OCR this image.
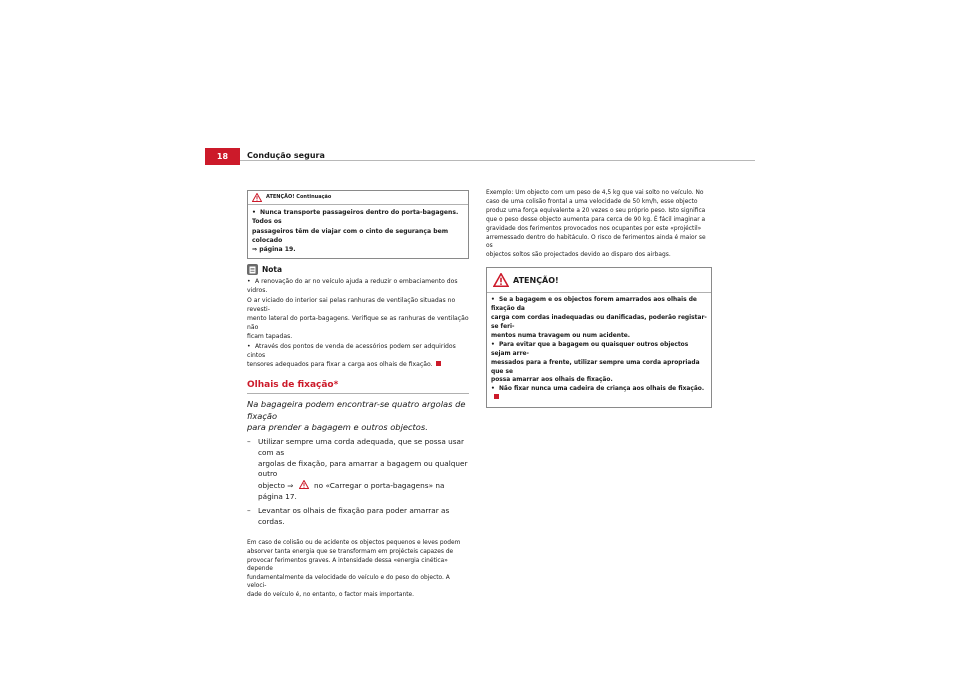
18	Condução segura
ATENÇÃO! Continuação
• Nunca transporte passageiros dentro do porta-bagagens. Todos os
passageiros têm de viajar com o cinto de segurança bem colocado
⇒ página 19.
Nota
• A renovação do ar no veículo ajuda a reduzir o embaciamento dos vidros.
O ar viciado do interior sai pelas ranhuras de ventilação situadas no revesti-
mento lateral do porta-bagagens. Verifique se as ranhuras de ventilação não
ficam tapadas.
• Através dos pontos de venda de acessórios podem ser adquiridos cintos
tensores adequados para fixar a carga aos olhais de fixação.
Olhais de fixação*
Na bagageira podem encontrar-se quatro argolas de fixação
para prender a bagagem e outros objectos.
–	Utilizar sempre uma corda adequada, que se possa usar com as
argolas de fixação, para amarrar a bagagem ou qualquer outro
objecto ⇒	no «Carregar o porta-bagagens» na página 17.
–	Levantar os olhais de fixação para poder amarrar as cordas.
Em caso de colisão ou de acidente os objectos pequenos e leves podem
absorver tanta energia que se transformam em projécteis capazes de
provocar ferimentos graves. A intensidade dessa «energia cinética» depende
fundamentalmente da velocidade do veículo e do peso do objecto. A veloci-
dade do veículo é, no entanto, o factor mais importante.
Exemplo: Um objecto com um peso de 4,5 kg que vai solto no veículo. No
caso de uma colisão frontal a uma velocidade de 50 km/h, esse objecto
produz uma força equivalente a 20 vezes o seu próprio peso. Isto significa
que o peso desse objecto aumenta para cerca de 90 kg. É fácil imaginar a
gravidade dos ferimentos provocados nos ocupantes por este «projéctil»
arremessado dentro do habitáculo. O risco de ferimentos ainda é maior se os
objectos soltos são projectados devido ao disparo dos airbags.
ATENÇÃO!
• Se a bagagem e os objectos forem amarrados aos olhais de fixação da
carga com cordas inadequadas ou danificadas, poderão registar-se feri-
mentos numa travagem ou num acidente.
• Para evitar que a bagagem ou quaisquer outros objectos sejam arre-
messados para a frente, utilizar sempre uma corda apropriada que se
possa amarrar aos olhais de fixação.
• Não fixar nunca uma cadeira de criança aos olhais de fixação.
